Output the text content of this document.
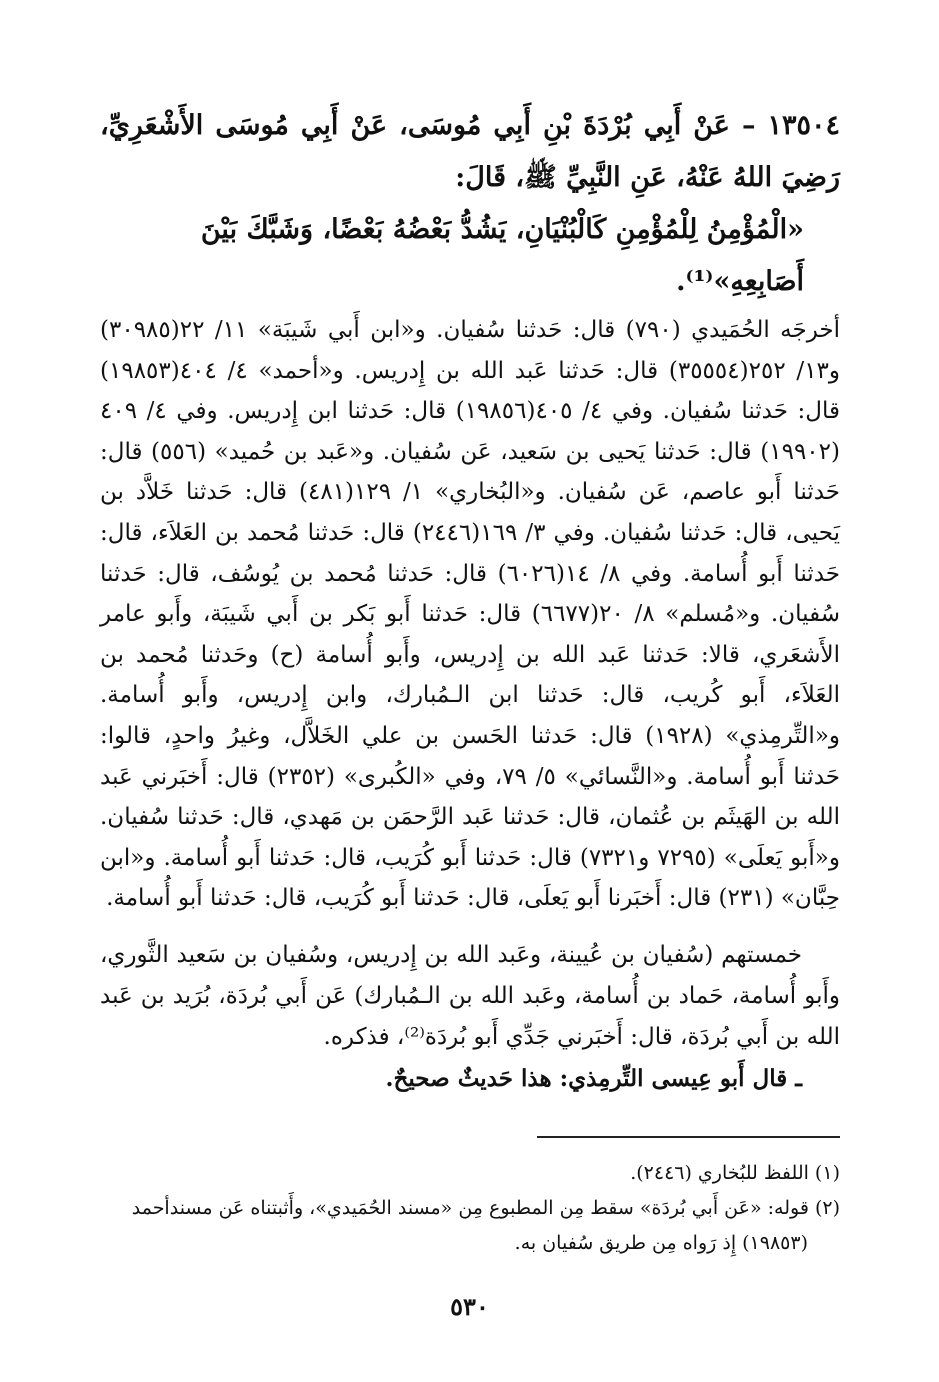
١٣٥٠٤ – عَنْ أَبِي بُرْدَةَ بْنِ أَبِي مُوسَى، عَنْ أَبِي مُوسَى الأَشْعَرِيِّ، رَضِيَ اللهُ عَنْهُ، عَنِ النَّبِيِّ ﷺ، قَالَ:

«الْمُؤْمِنُ لِلْمُؤْمِنِ كَالْبُنْيَانِ، يَشُدُّ بَعْضُهُ بَعْضًا، وَشَبَّكَ بَيْنَ أَصَابِعِهِ»⁽¹⁾.

أخرجَه الحُمَيدي (٧٩٠) قال: حَدثنا سُفيان. و«ابن أَبي شَيبَة» ١١/ ٢٢(٣٠٩٨٥) و١٣/ ٢٥٢(٣٥٥٥٤) قال: حَدثنا عَبد الله بن إِدريس. و«أحمد» ٤/ ٤٠٤(١٩٨٥٣) قال: حَدثنا سُفيان. وفي ٤/ ٤٠٥(١٩٨٥٦) قال: حَدثنا ابن إِدريس. وفي ٤/ ٤٠٩ (١٩٩٠٢) قال: حَدثنا يَحيى بن سَعيد، عَن سُفيان. و«عَبد بن حُميد» (٥٥٦) قال: حَدثنا أَبو عاصم، عَن سُفيان. و«البُخاري» ١/ ١٢٩(٤٨١) قال: حَدثنا خَلاَّد بن يَحيى، قال: حَدثنا سُفيان. وفي ٣/ ١٦٩(٢٤٤٦) قال: حَدثنا مُحمد بن العَلاَء، قال: حَدثنا أَبو أُسامة. وفي ٨/ ١٤(٦٠٢٦) قال: حَدثنا مُحمد بن يُوسُف، قال: حَدثنا سُفيان. و«مُسلم» ٨/ ٢٠(٦٦٧٧) قال: حَدثنا أَبو بَكر بن أَبي شَيبَة، وأَبو عامر الأَشعَري، قالا: حَدثنا عَبد الله بن إِدريس، وأَبو أُسامة (ح) وحَدثنا مُحمد بن العَلاَء، أَبو كُريب، قال: حَدثنا ابن الـمُبارك، وابن إِدريس، وأَبو أُسامة. و«التِّرمِذي» (١٩٢٨) قال: حَدثنا الحَسن بن علي الخَلاَّل، وغيرُ واحدٍ، قالوا: حَدثنا أَبو أُسامة. و«النَّسائي» ٥/ ٧٩، وفي «الكُبرى» (٢٣٥٢) قال: أَخبَرني عَبد الله بن الهَيثَم بن عُثمان، قال: حَدثنا عَبد الرَّحمَن بن مَهدي، قال: حَدثنا سُفيان. و«أَبو يَعلَى» (٧٢٩٥ و٧٣٢١) قال: حَدثنا أَبو كُرَيب، قال: حَدثنا أَبو أُسامة. و«ابن حِبَّان» (٢٣١) قال: أَخبَرنا أَبو يَعلَى، قال: حَدثنا أَبو كُرَيب، قال: حَدثنا أَبو أُسامة.

خمستهم (سُفيان بن عُيينة، وعَبد الله بن إِدريس، وسُفيان بن سَعيد الثَّوري، وأَبو أُسامة، حَماد بن أُسامة، وعَبد الله بن الـمُبارك) عَن أَبي بُردَة، بُرَيد بن عَبد الله بن أَبي بُردَة، قال: أَخبَرني جَدِّي أَبو بُردَة⁽²⁾، فذكره.

ـ قال أَبو عِيسى التِّرمِذي: هذا حَديثٌ صحيحٌ.

(١) اللفظ للبُخاري (٢٤٤٦).

(٢) قوله: «عَن أَبي بُردَة» سقط مِن المطبوع مِن «مسند الحُمَيدي»، وأَثبتناه عَن مسندأحمد

(١٩٨٥٣) إِذ رَواه مِن طريق سُفيان به.

٥٣٠
